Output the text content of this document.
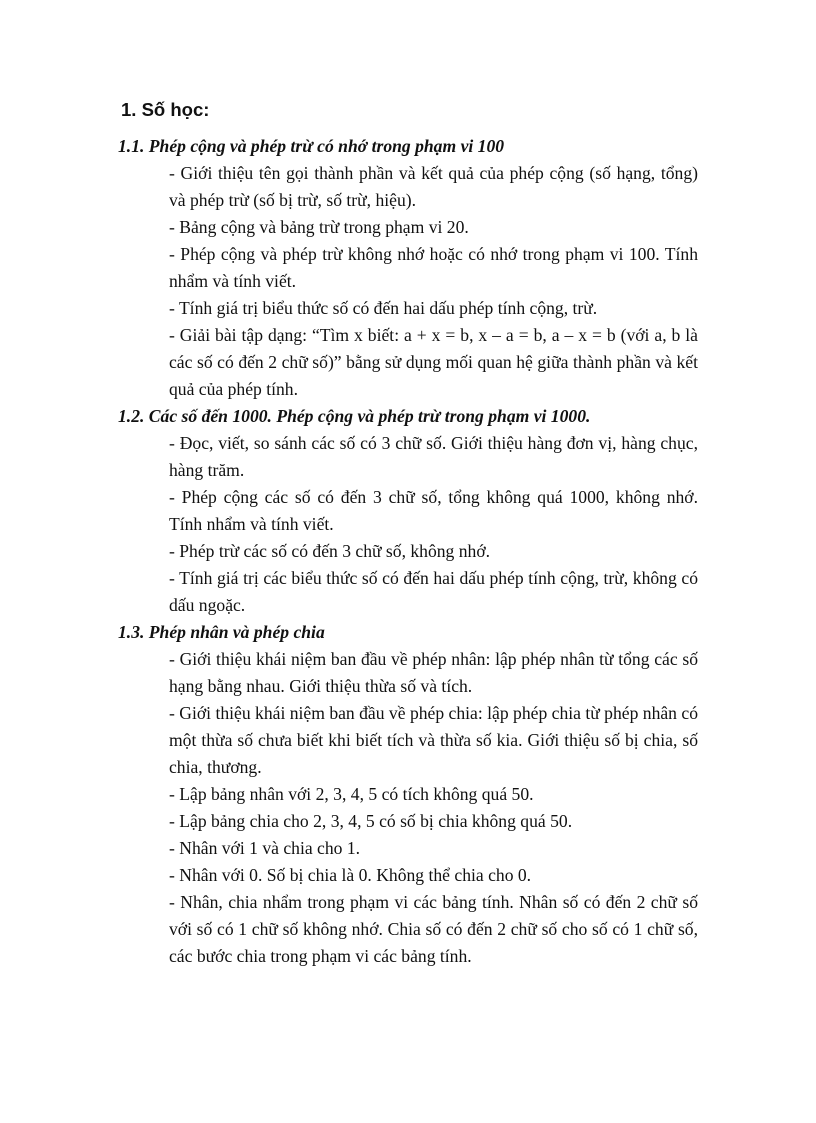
1. Số học:

1.1. Phép cộng và phép trừ có nhớ trong phạm vi 100

- Giới thiệu tên gọi thành phần và kết quả của phép cộng (số hạng, tổng) và phép trừ (số bị trừ, số trừ, hiệu).

- Bảng cộng và bảng trừ trong phạm vi 20.

- Phép cộng và phép trừ không nhớ hoặc có nhớ trong phạm vi 100. Tính nhẩm và tính viết.

- Tính giá trị biểu thức số có đến hai dấu phép tính cộng, trừ.

- Giải bài tập dạng: “Tìm x biết: a + x = b, x – a = b, a – x = b (với a, b là các số có đến 2 chữ số)” bằng sử dụng mối quan hệ giữa thành phần và kết quả của phép tính.

1.2. Các số đến 1000. Phép cộng và phép trừ trong phạm vi 1000.

- Đọc, viết, so sánh các số có 3 chữ số. Giới thiệu hàng đơn vị, hàng chục, hàng trăm.

- Phép cộng các số có đến 3 chữ số, tổng không quá 1000, không nhớ. Tính nhẩm và tính viết.

- Phép trừ các số có đến 3 chữ số, không nhớ.

- Tính giá trị các biểu thức số có đến hai dấu phép tính cộng, trừ, không có dấu ngoặc.

1.3. Phép nhân và phép chia

- Giới thiệu khái niệm ban đầu về phép nhân: lập phép nhân từ tổng các số hạng bằng nhau. Giới thiệu thừa số và tích.

- Giới thiệu khái niệm ban đầu về phép chia: lập phép chia từ phép nhân có một thừa số chưa biết khi biết tích và thừa số kia. Giới thiệu số bị chia, số chia, thương.

- Lập bảng nhân với 2, 3, 4, 5 có tích không quá 50.

- Lập bảng chia cho 2, 3, 4, 5 có số bị chia không quá 50.

- Nhân với 1 và chia cho 1.

- Nhân với 0. Số bị chia là 0. Không thể chia cho 0.

- Nhân, chia nhẩm trong phạm vi các bảng tính. Nhân số có đến 2 chữ số với số có 1 chữ số không nhớ. Chia số có đến 2 chữ số cho số có 1 chữ số, các bước chia trong phạm vi các bảng tính.
